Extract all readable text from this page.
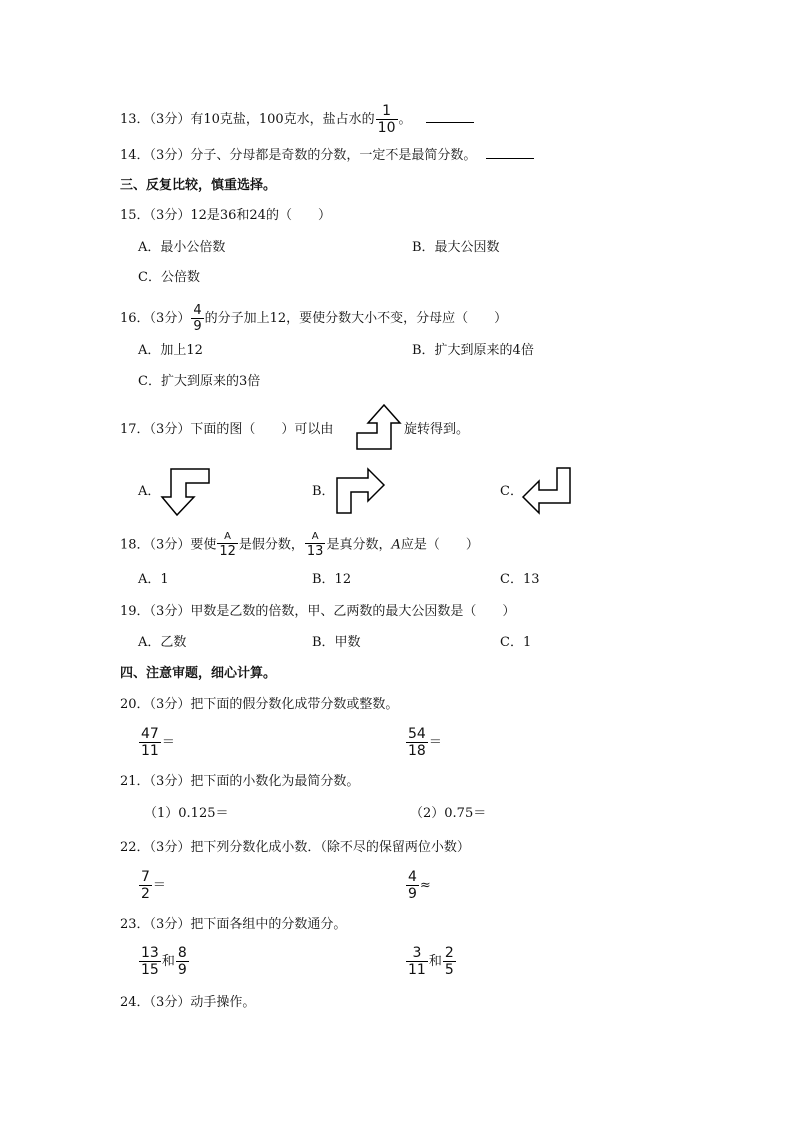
13．（3分）有10克盐，100克水，盐占水的 $\frac{1}{10}$ 。
14．（3分）分子、分母都是奇数的分数，一定不是最简分数。
三、反复比较，慎重选择。
15．（3分）12是36和24的（　　）
A．最小公倍数	B．最大公因数
C．公倍数
16．（3分） $\frac{4}{9}$ 的分子加上12，要使分数大小不变，分母应（　　）
A．加上12	B．扩大到原来的4倍
C．扩大到原来的3倍
17．（3分）下面的图（　　）可以由	旋转得到。
A．	B．	C．
18．（3分）要使 $\frac{A}{12}$ 是假分数， $\frac{A}{13}$ 是真分数，A应是（　　）
A．1	B．12	C．13
19．（3分）甲数是乙数的倍数，甲、乙两数的最大公因数是（　　）
A．乙数	B．甲数	C．1
四、注意审题，细心计算。
20．（3分）把下面的假分数化成带分数或整数。
$\frac{47}{11}$ ＝	$\frac{54}{18}$ ＝
21．（3分）把下面的小数化为最简分数。
（1）0.125＝	（2）0.75＝
22．（3分）把下列分数化成小数．（除不尽的保留两位小数）
$\frac{7}{2}$ ＝	$\frac{4}{9}$ ≈
23．（3分）把下面各组中的分数通分。
$\frac{13}{15}$ 和 $\frac{8}{9}$	$\frac{3}{11}$ 和 $\frac{2}{5}$
24．（3分）动手操作。
